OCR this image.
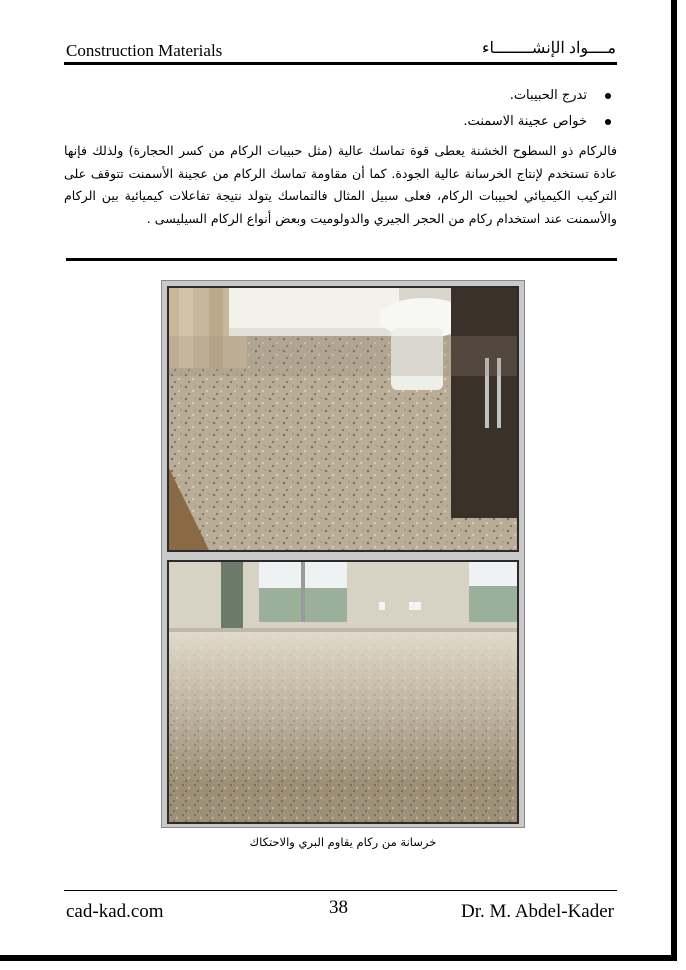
Construction Materials	مــــواد الإنشــــــــاء
تدرج الحبيبات.
خواص عجينة الاسمنت.

فالركام ذو السطوح الخشنة يعطى قوة تماسك عالية (مثل حبيبات الركام من كسر الحجارة) ولذلك فإنها عادة تستخدم لإنتاج الخرسانة عالية الجودة. كما أن مقاومة تماسك الركام من عجينة الأسمنت تتوقف على التركيب الكيميائي لحبيبات الركام، فعلى سبيل المثال فالتماسك يتولد نتيجة تفاعلات كيميائية بين الركام والأسمنت عند استخدام ركام من الحجر الجيري والدولوميت وبعض أنواع الركام السيليسى .

خرسانة من ركام يقاوم البري والاحتكاك
cad-kad.com	38	Dr. M. Abdel-Kader
